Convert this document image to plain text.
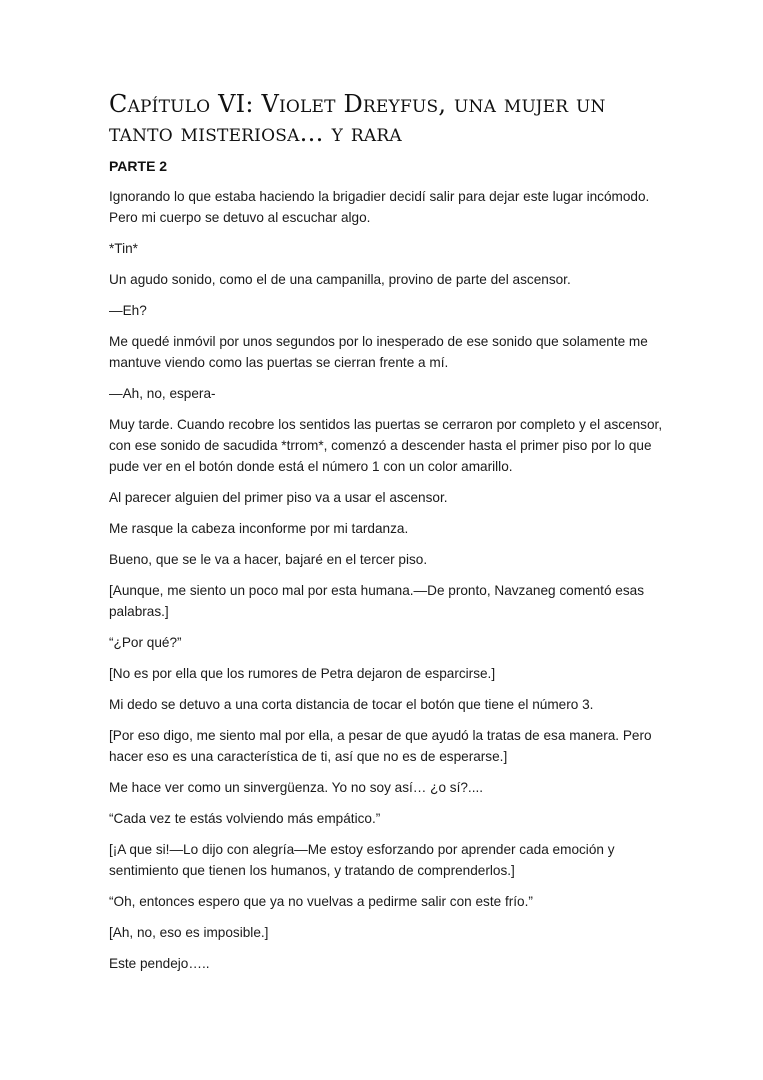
Capítulo VI: Violet Dreyfus, una mujer un tanto misteriosa… y rara
PARTE 2

Ignorando lo que estaba haciendo la brigadier decidí salir para dejar este lugar incómodo. Pero mi cuerpo se detuvo al escuchar algo.

*Tin*

Un agudo sonido, como el de una campanilla, provino de parte del ascensor.

—Eh?

Me quedé inmóvil por unos segundos por lo inesperado de ese sonido que solamente me mantuve viendo como las puertas se cierran frente a mí.

—Ah, no, espera-

Muy tarde. Cuando recobre los sentidos las puertas se cerraron por completo y el ascensor, con ese sonido de sacudida *trrom*, comenzó a descender hasta el primer piso por lo que pude ver en el botón donde está el número 1 con un color amarillo.

Al parecer alguien del primer piso va a usar el ascensor.

Me rasque la cabeza inconforme por mi tardanza.

Bueno, que se le va a hacer, bajaré en el tercer piso.

[Aunque, me siento un poco mal por esta humana.—De pronto, Navzaneg comentó esas palabras.]

“¿Por qué?”

[No es por ella que los rumores de Petra dejaron de esparcirse.]

Mi dedo se detuvo a una corta distancia de tocar el botón que tiene el número 3.

[Por eso digo, me siento mal por ella, a pesar de que ayudó la tratas de esa manera. Pero hacer eso es una característica de ti, así que no es de esperarse.]

Me hace ver como un sinvergüenza. Yo no soy así… ¿o sí?....

“Cada vez te estás volviendo más empático.”

[¡A que si!—Lo dijo con alegría—Me estoy esforzando por aprender cada emoción y sentimiento que tienen los humanos, y tratando de comprenderlos.]

“Oh, entonces espero que ya no vuelvas a pedirme salir con este frío.”

[Ah, no, eso es imposible.]

Este pendejo…..
